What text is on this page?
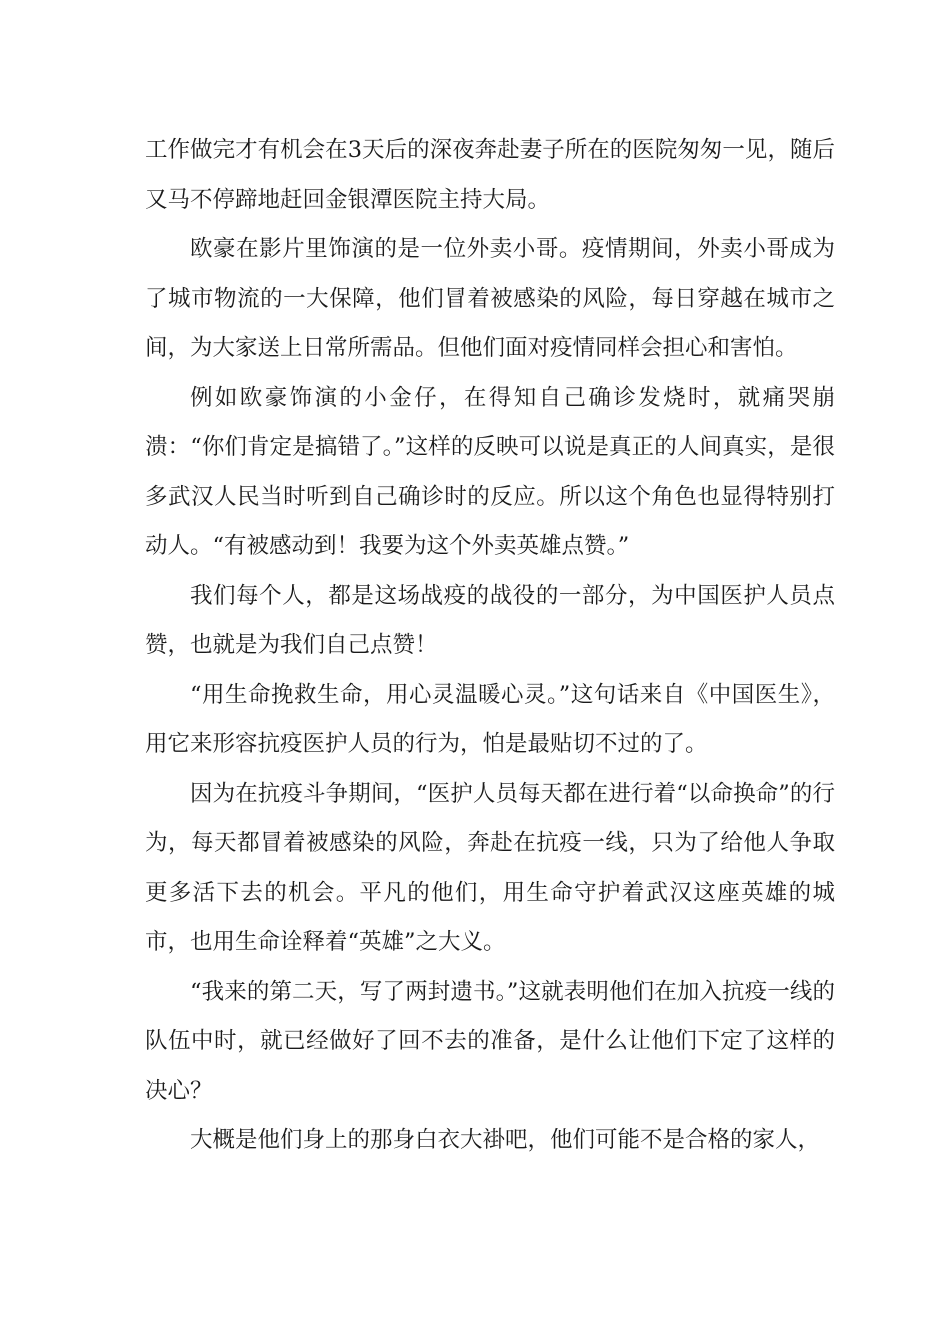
工作做完才有机会在3天后的深夜奔赴妻子所在的医院匆匆一见，随后又马不停蹄地赶回金银潭医院主持大局。

欧豪在影片里饰演的是一位外卖小哥。疫情期间，外卖小哥成为了城市物流的一大保障，他们冒着被感染的风险，每日穿越在城市之间，为大家送上日常所需品。但他们面对疫情同样会担心和害怕。

例如欧豪饰演的小金仔，在得知自己确诊发烧时，就痛哭崩溃：“你们肯定是搞错了。”这样的反映可以说是真正的人间真实，是很多武汉人民当时听到自己确诊时的反应。所以这个角色也显得特别打动人。“有被感动到！我要为这个外卖英雄点赞。”

我们每个人，都是这场战疫的战役的一部分，为中国医护人员点赞，也就是为我们自己点赞！

“用生命挽救生命，用心灵温暖心灵。”这句话来自《中国医生》，用它来形容抗疫医护人员的行为，怕是最贴切不过的了。

因为在抗疫斗争期间，“医护人员每天都在进行着“以命换命”的行为，每天都冒着被感染的风险，奔赴在抗疫一线，只为了给他人争取更多活下去的机会。平凡的他们，用生命守护着武汉这座英雄的城市，也用生命诠释着“英雄”之大义。

“我来的第二天，写了两封遗书。”这就表明他们在加入抗疫一线的队伍中时，就已经做好了回不去的准备，是什么让他们下定了这样的决心？

大概是他们身上的那身白衣大褂吧，他们可能不是合格的家人，
